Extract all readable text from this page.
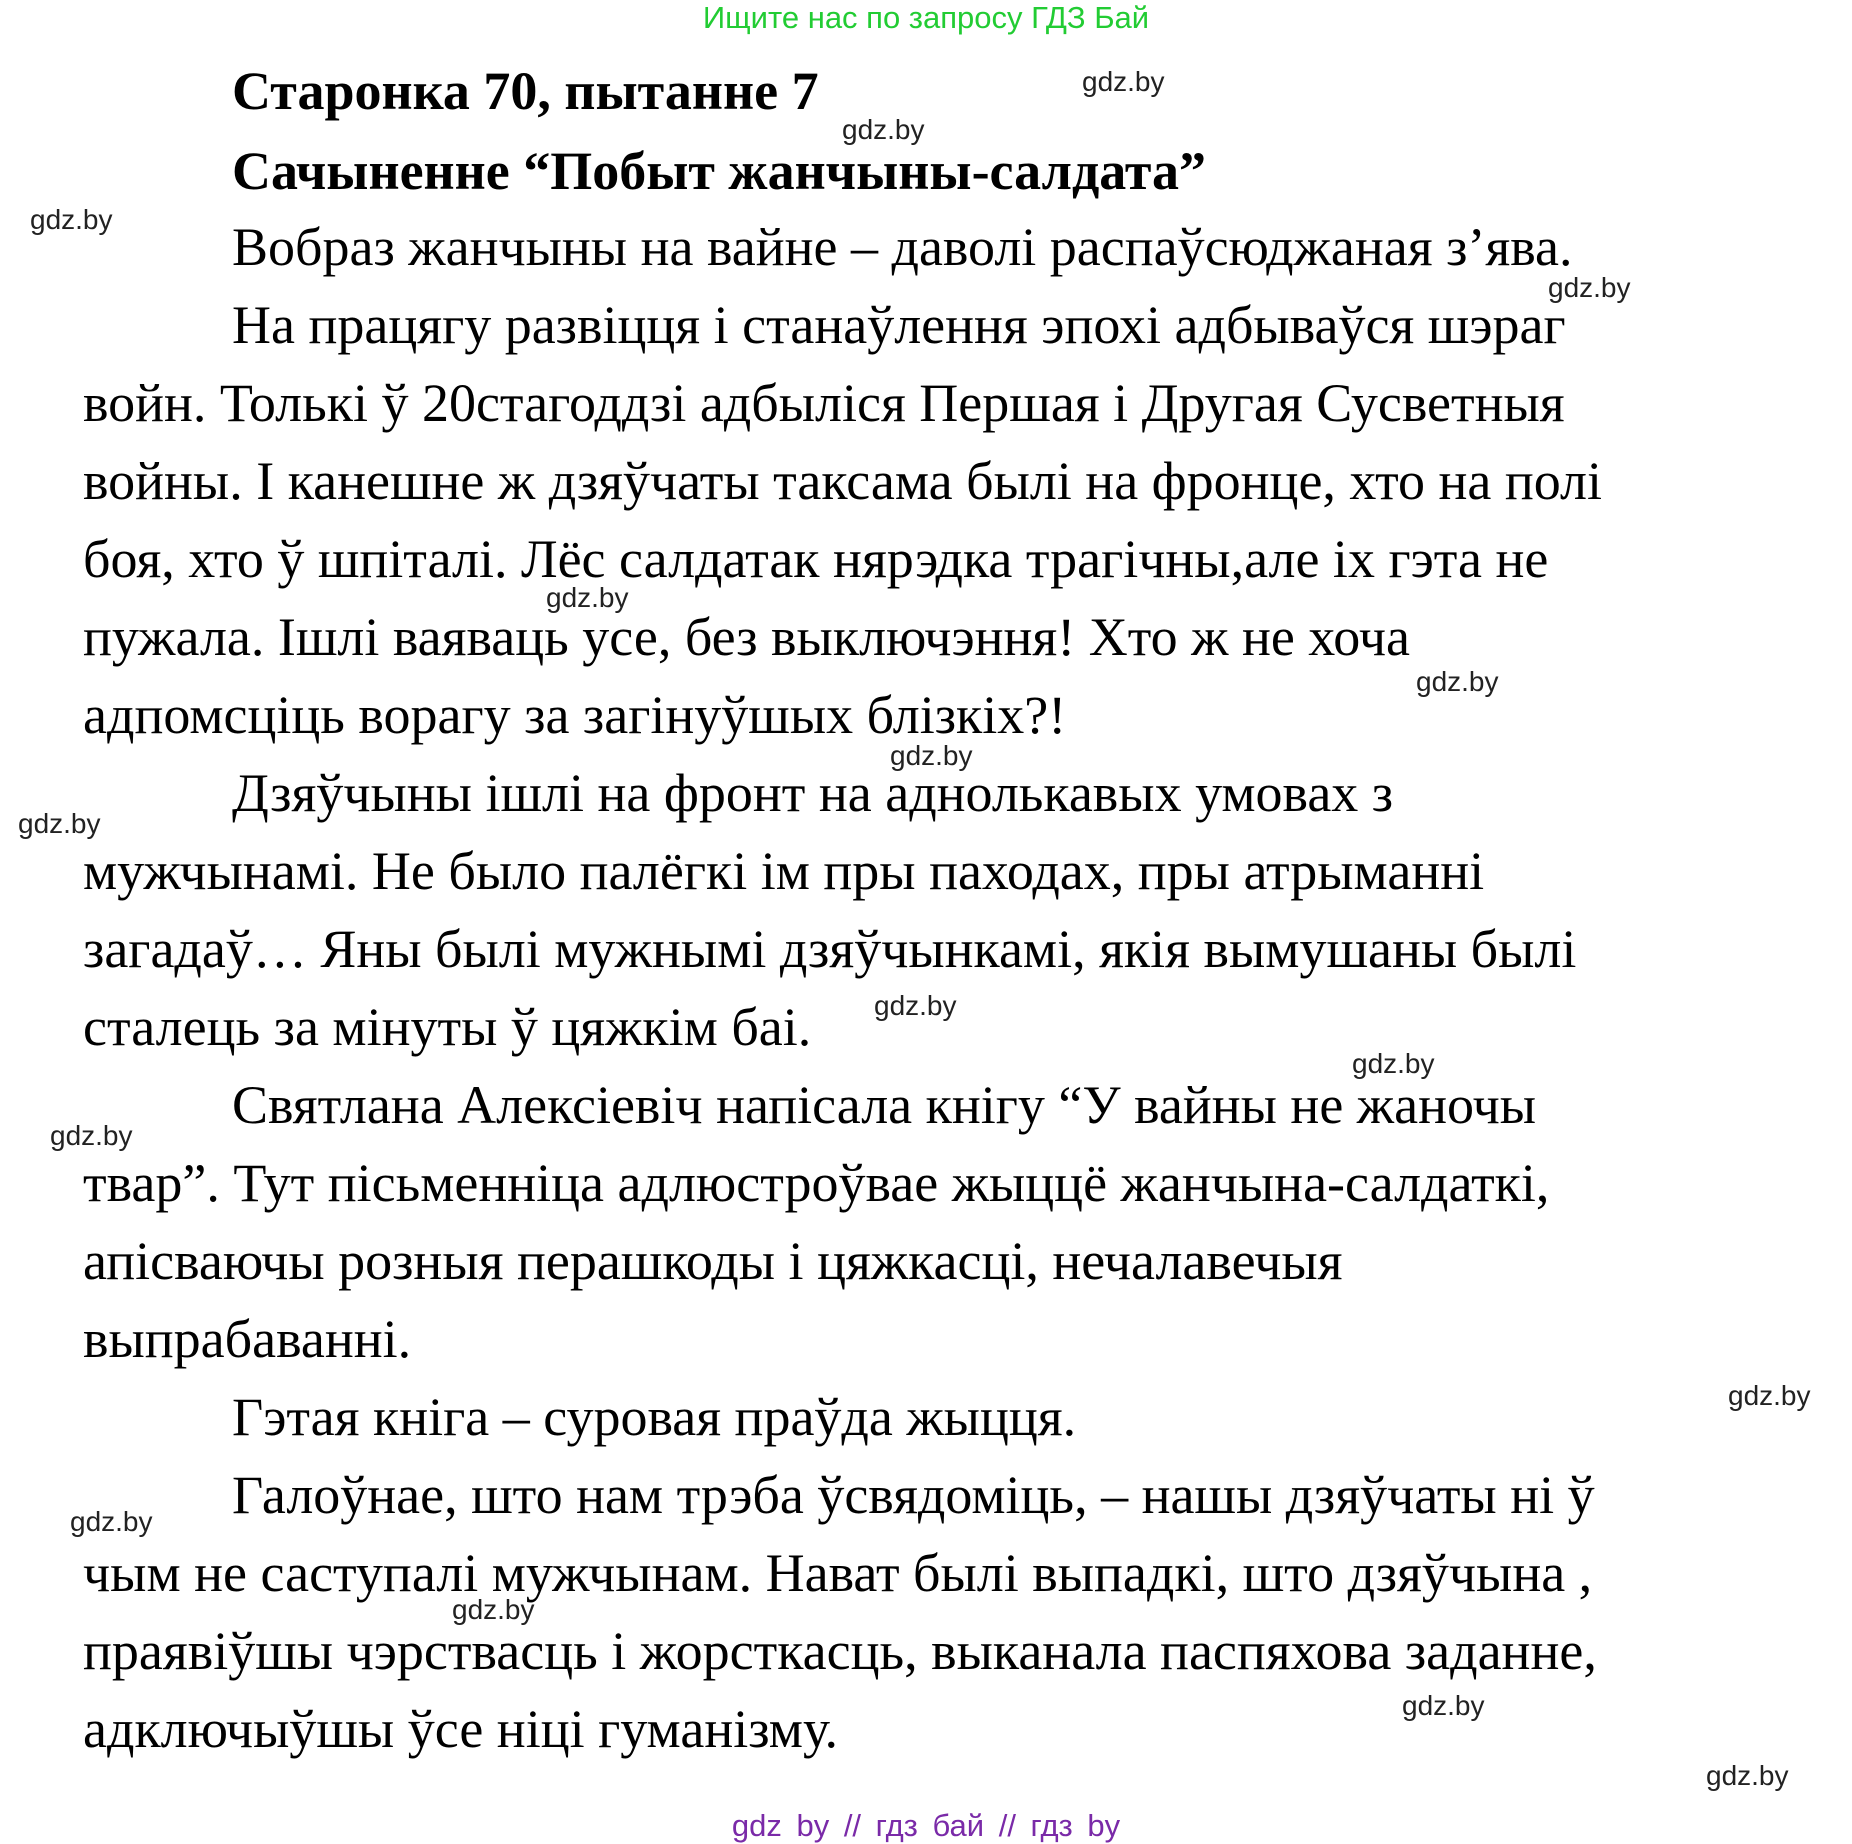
Ищите нас по запросу ГДЗ Бай
Старонка 70, пытанне 7
Сачыненне “Побыт жанчыны-салдата”
Вобраз жанчыны на вайне – даволі распаўсюджаная з’ява.
На працягу развіцця і станаўлення эпохі адбываўся шэраг
войн. Толькі ў 20стагоддзі адбыліся Першая і Другая Сусветныя
войны. І канешне ж дзяўчаты таксама былі на фронце, хто на полі
боя, хто ў шпіталі. Лёс салдатак нярэдка трагічны,але іх гэта не
пужала. Ішлі ваяваць усе, без выключэння! Хто ж не хоча
адпомсціць ворагу за загінуўшых блізкіх?!
Дзяўчыны ішлі на фронт на аднолькавых умовах з
мужчынамі. Не было палёгкі ім пры паходах, пры атрыманні
загадаў… Яны былі мужнымі дзяўчынкамі, якія вымушаны былі
сталець за мінуты ў цяжкім баі.
Святлана Алексіевіч напісала кнігу “У вайны не жаночы
твар”. Тут пісьменніца адлюстроўвае жыццё жанчына-салдаткі,
апісваючы розныя перашкоды і цяжкасці, нечалавечыя
выпрабаванні.
Гэтая кніга – суровая праўда жыцця.
Галоўнае, што нам трэба ўсвядоміць, – нашы дзяўчаты ні ў
чым не саступалі мужчынам. Нават былі выпадкі, што дзяўчына ,
праявіўшы чэрствасць і жорсткасць, выканала паспяхова заданне,
адключыўшы ўсе ніці гуманізму.
gdz.by
gdz.by
gdz.by
gdz.by
gdz.by
gdz.by
gdz.by
gdz.by
gdz.by
gdz.by
gdz.by
gdz.by
gdz.by
gdz.by
gdz.by
gdz.by
gdz by // гдз бай // гдз by
